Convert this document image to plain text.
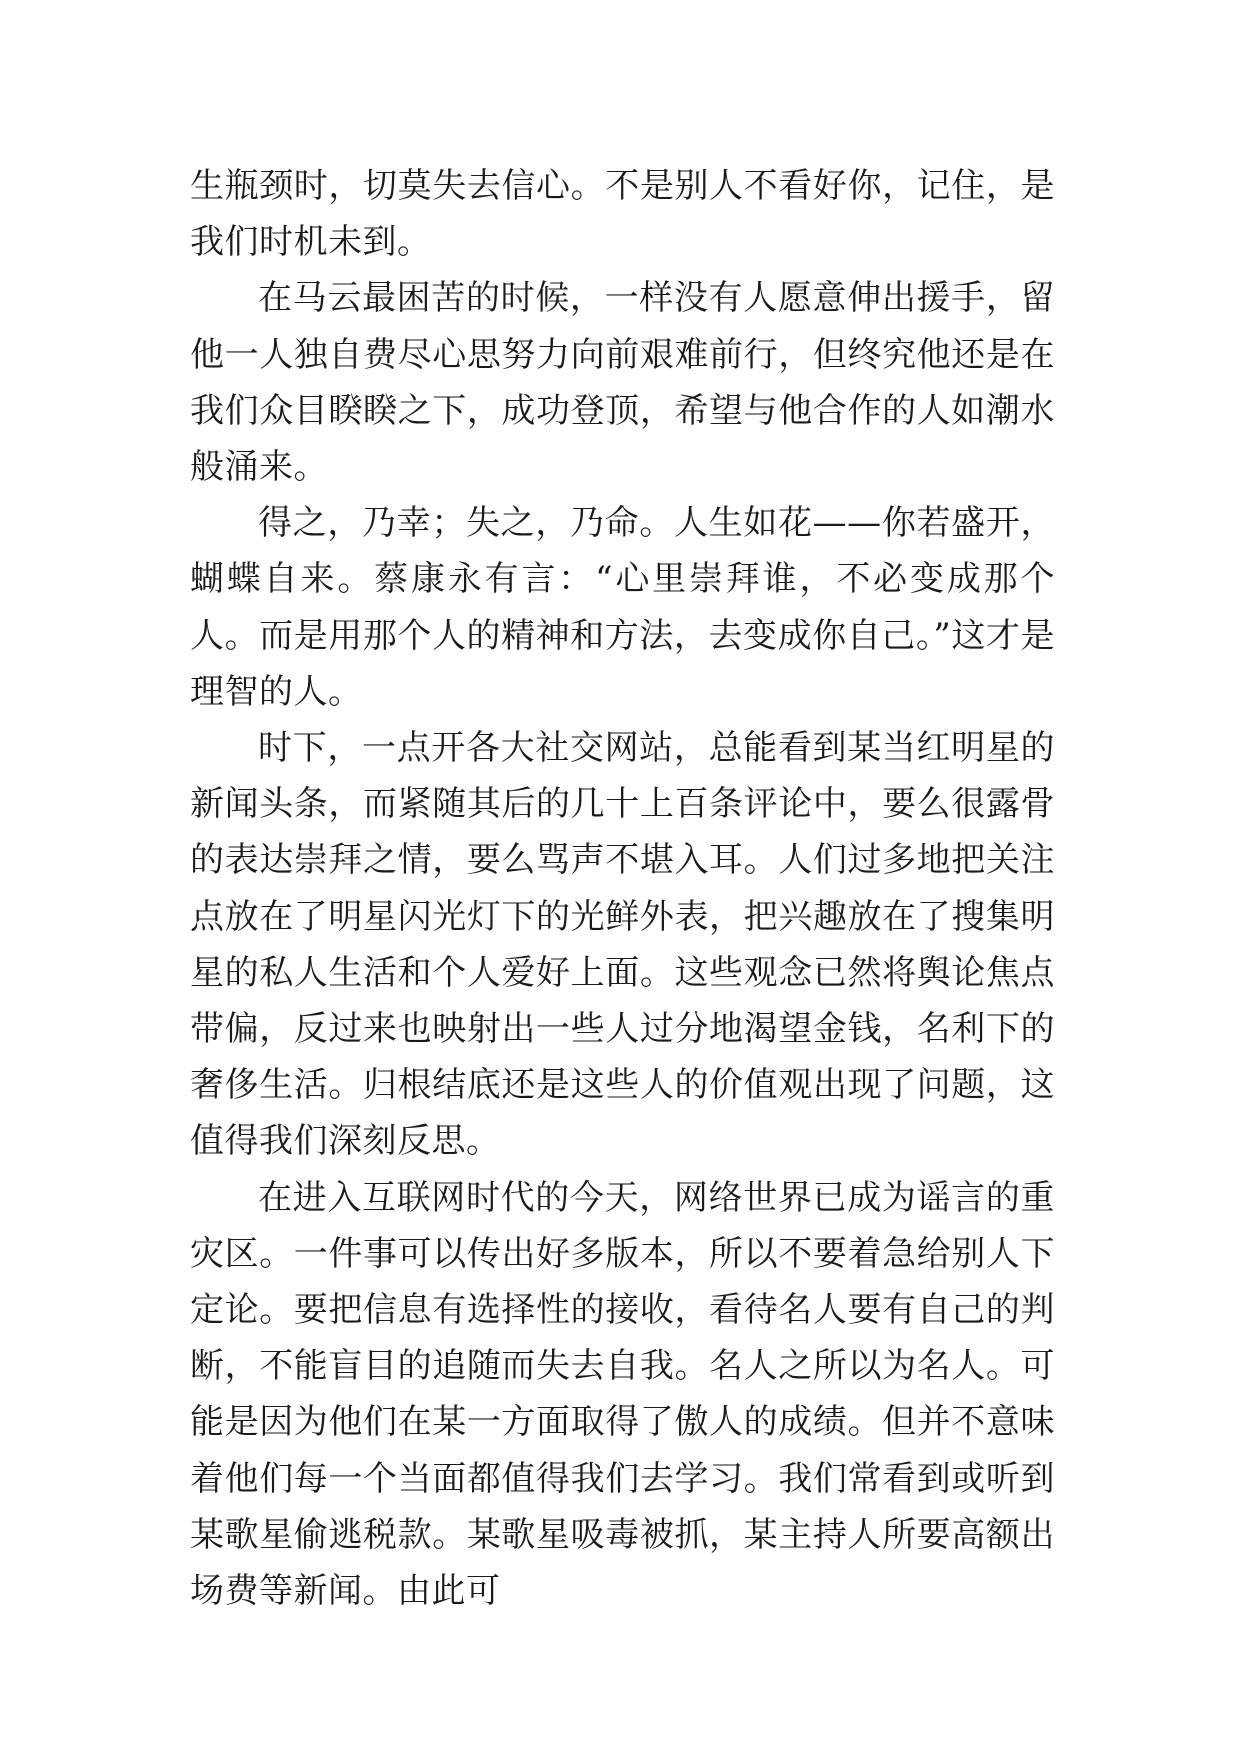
生瓶颈时，切莫失去信心。不是别人不看好你，记住，是我们时机未到。

在马云最困苦的时候，一样没有人愿意伸出援手，留他一人独自费尽心思努力向前艰难前行，但终究他还是在我们众目睽睽之下，成功登顶，希望与他合作的人如潮水般涌来。

得之，乃幸；失之，乃命。人生如花——你若盛开，蝴蝶自来。蔡康永有言：“心里崇拜谁，不必变成那个人。而是用那个人的精神和方法，去变成你自己。”这才是理智的人。

时下，一点开各大社交网站，总能看到某当红明星的新闻头条，而紧随其后的几十上百条评论中，要么很露骨的表达崇拜之情，要么骂声不堪入耳。人们过多地把关注点放在了明星闪光灯下的光鲜外表，把兴趣放在了搜集明星的私人生活和个人爱好上面。这些观念已然将舆论焦点带偏，反过来也映射出一些人过分地渴望金钱，名利下的奢侈生活。归根结底还是这些人的价值观出现了问题，这值得我们深刻反思。

在进入互联网时代的今天，网络世界已成为谣言的重灾区。一件事可以传出好多版本，所以不要着急给别人下定论。要把信息有选择性的接收，看待名人要有自己的判断，不能盲目的追随而失去自我。名人之所以为名人。可能是因为他们在某一方面取得了傲人的成绩。但并不意味着他们每一个当面都值得我们去学习。我们常看到或听到某歌星偷逃税款。某歌星吸毒被抓，某主持人所要高额出场费等新闻。由此可
